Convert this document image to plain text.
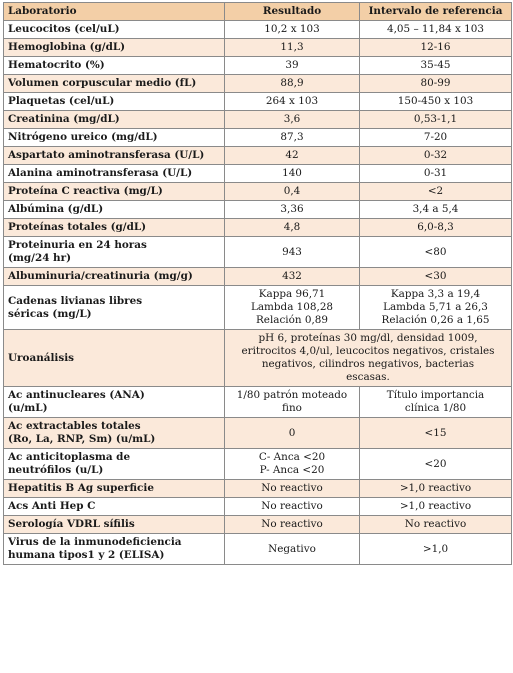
Laboratorio	Resultado	Intervalo de referencia

Leucocitos (cel/uL)	10,2 x 103	4,05 – 11,84 x 103

Hemoglobina (g/dL)	11,3	12-16

Hematocrito (%)	39	35-45

Volumen corpuscular medio (fL)	88,9	80-99

Plaquetas (cel/uL)	264 x 103	150-450 x 103

Creatinina (mg/dL)	3,6	0,53-1,1

Nitrógeno ureico (mg/dL)	87,3	7-20

Aspartato aminotransferasa (U/L)	42	0-32

Alanina aminotransferasa (U/L)	140	0-31

Proteína C reactiva (mg/L)	0,4	<2

Albúmina (g/dL)	3,36	3,4 a 5,4

Proteínas totales (g/dL)	4,8	6,0-8,3

Proteinuria en 24 horas
(mg/24 hr)	943	<80

Albuminuria/creatinuria (mg/g)	432	<30

Cadenas livianas libres
séricas (mg/L)	Kappa 96,71
Lambda 108,28
Relación 0,89	Kappa 3,3 a 19,4
Lambda 5,71 a 26,3
Relación 0,26 a 1,65

Uroanálisis	pH 6, proteínas 30 mg/dl, densidad 1009,
eritrocitos 4,0/ul, leucocitos negativos, cristales
negativos, cilindros negativos, bacterias
escasas.	

Ac antinucleares (ANA)
(u/mL)	1/80 patrón moteado
fino	Título importancia
clínica 1/80

Ac extractables totales
(Ro, La, RNP, Sm) (u/mL)	0	<15

Ac anticitoplasma de
neutrófilos (u/L)	C- Anca <20
P- Anca <20	<20

Hepatitis B Ag superficie	No reactivo	>1,0 reactivo

Acs Anti Hep C	No reactivo	>1,0 reactivo

Serología VDRL sífilis	No reactivo	No reactivo

Virus de la inmunodeficiencia
humana tipos1 y 2 (ELISA)	Negativo	>1,0
